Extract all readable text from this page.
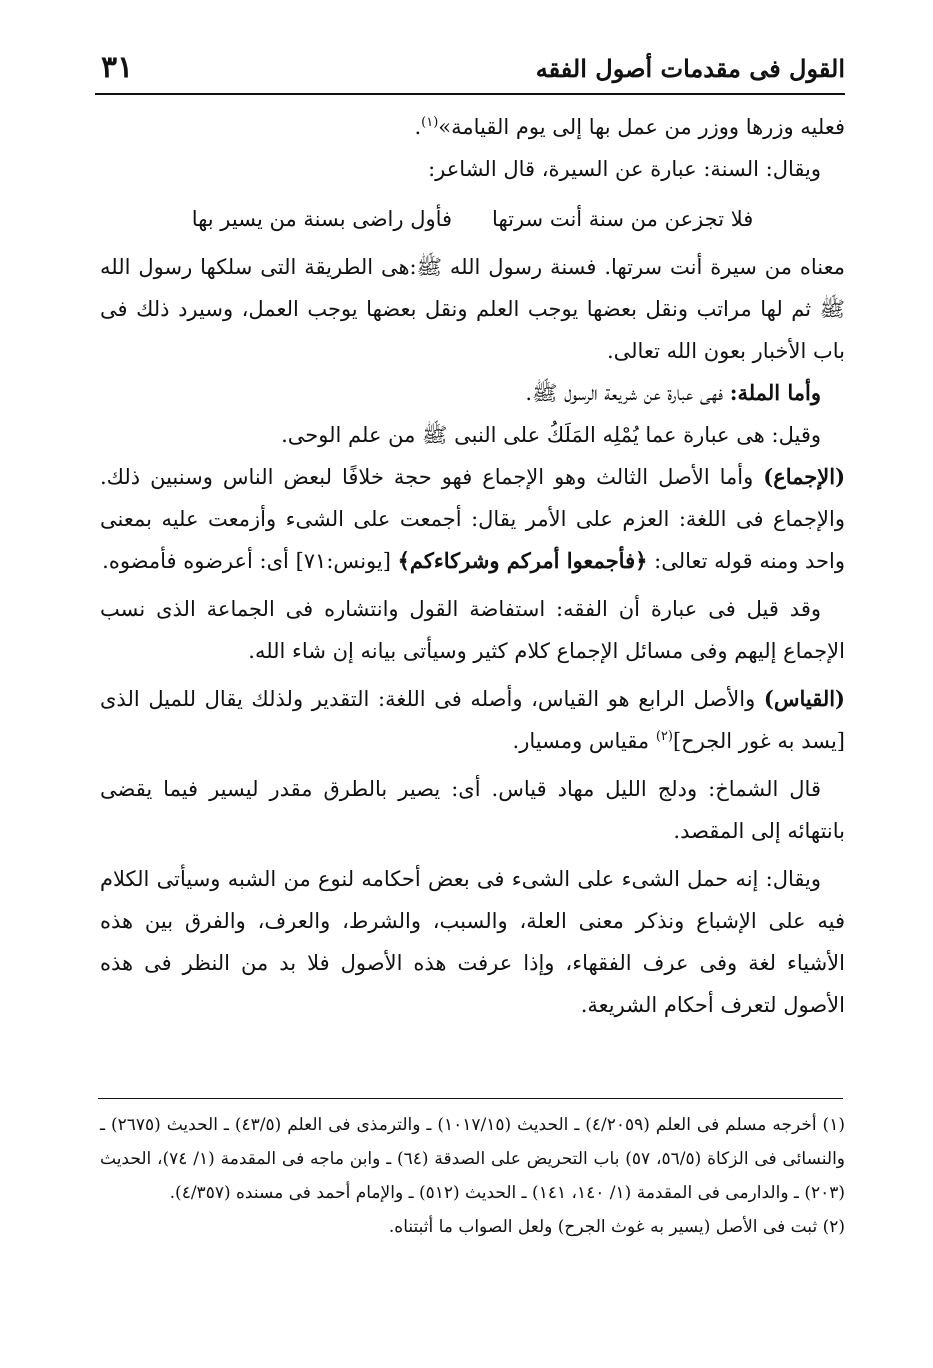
القول فى مقدمات أصول الفقه
٣١

فعليه وزرها ووزر من عمل بها إلى يوم القيامة»$^{(١)}$.

ويقال: السنة: عبارة عن السيرة، قال الشاعر:

فلا تجزعن من سنة أنت سرتها
فأول راضى بسنة من يسير بها

معناه من سيرة أنت سرتها. فسنة رسول الله ﷺ:هى الطريقة التى سلكها رسول الله ﷺ ثم لها مراتب ونقل بعضها يوجب العلم ونقل بعضها يوجب العمل، وسيرد ذلك فى باب الأخبار بعون الله تعالى.

وأما الملة: فهى عبارة عن شريعة الرسول ﷺ.

وقيل: هى عبارة عما يُمْلِه المَلَكُ على النبى ﷺ من علم الوحى.

(الإجماع) وأما الأصل الثالث وهو الإجماع فهو حجة خلافًا لبعض الناس وسنبين ذلك. والإجماع فى اللغة: العزم على الأمر يقال: أجمعت على الشىء وأزمعت عليه بمعنى واحد ومنه قوله تعالى: ﴿فأجمعوا أمركم وشركاءكم﴾ [يونس:٧١] أى: أعرضوه فأمضوه.

وقد قيل فى عبارة أن الفقه: استفاضة القول وانتشاره فى الجماعة الذى نسب الإجماع إليهم وفى مسائل الإجماع كلام كثير وسيأتى بيانه إن شاء الله.

(القياس) والأصل الرابع هو القياس، وأصله فى اللغة: التقدير ولذلك يقال للميل الذى [يسد به غور الجرح]$^{(٢)}$ مقياس ومسيار.

قال الشماخ: ودلج الليل مهاد قياس. أى: يصير بالطرق مقدر ليسير فيما يقضى بانتهائه إلى المقصد.

ويقال: إنه حمل الشىء على الشىء فى بعض أحكامه لنوع من الشبه وسيأتى الكلام فيه على الإشباع ونذكر معنى العلة، والسبب، والشرط، والعرف، والفرق بين هذه الأشياء لغة وفى عرف الفقهاء، وإذا عرفت هذه الأصول فلا بد من النظر فى هذه الأصول لتعرف أحكام الشريعة.

(١) أخرجه مسلم فى العلم (٤/٢٠٥٩) ـ الحديث (١٠١٧/١٥) ـ والترمذى فى العلم (٤٣/٥) ـ الحديث (٢٦٧٥) ـ والنسائى فى الزكاة (٥٦/٥، ٥٧) باب التحريض على الصدقة (٦٤) ـ وابن ماجه فى المقدمة (١/ ٧٤)، الحديث (٢٠٣) ـ والدارمى فى المقدمة (١/ ١٤٠، ١٤١) ـ الحديث (٥١٢) ـ والإمام أحمد فى مسنده (٤/٣٥٧).

(٢) ثبت فى الأصل (يسير به غوث الجرح) ولعل الصواب ما أثبتناه.
